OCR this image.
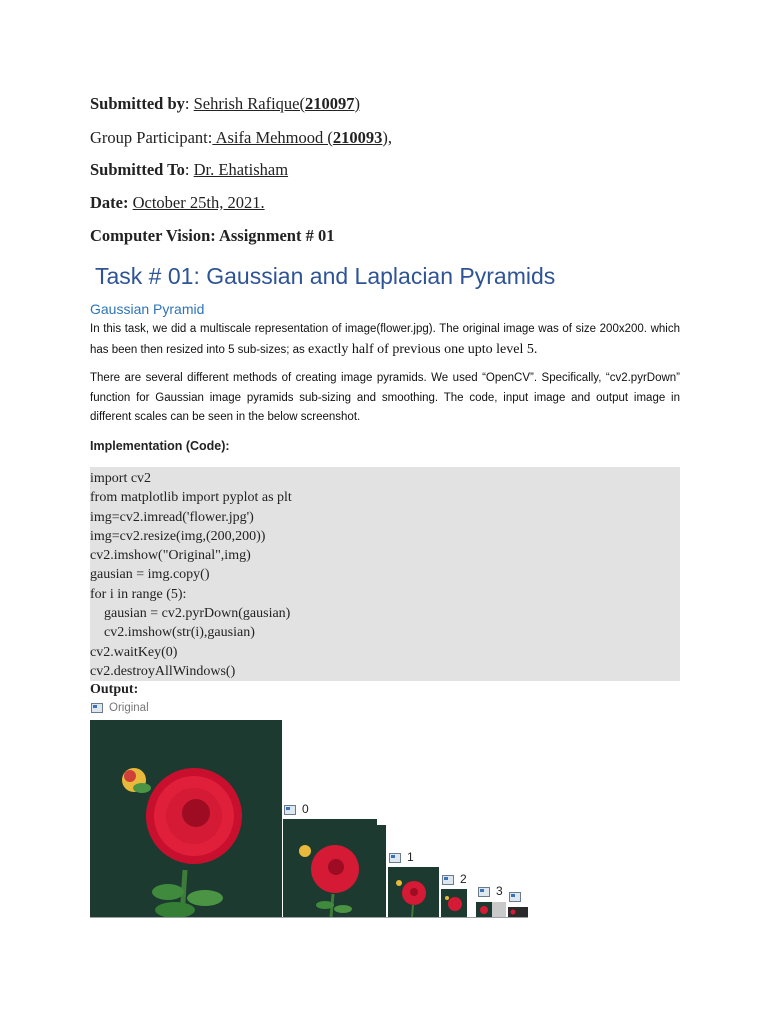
Submitted by: Sehrish Rafique(210097)
Group Participant: Asifa Mehmood (210093),
Submitted To: Dr. Ehatisham
Date: October 25th, 2021.
Computer Vision: Assignment # 01
Task # 01: Gaussian and Laplacian Pyramids
Gaussian Pyramid
In this task, we did a multiscale representation of image(flower.jpg). The original image was of size 200x200. which has been then resized into 5 sub-sizes; as exactly half of previous one upto level 5.
There are several different methods of creating image pyramids. We used “OpenCV”. Specifically, “cv2.pyrDown” function for Gaussian image pyramids sub-sizing and smoothing. The code, input image and output image in different scales can be seen in the below screenshot.
Implementation (Code):
import cv2
from matplotlib import pyplot as plt
img=cv2.imread('flower.jpg')
img=cv2.resize(img,(200,200))
cv2.imshow("Original",img)
gausian = img.copy()
for i in range (5):
gausian = cv2.pyrDown(gausian)
cv2.imshow(str(i),gausian)
cv2.waitKey(0)
cv2.destroyAllWindows()
Output:
Original
0
1
2
3
